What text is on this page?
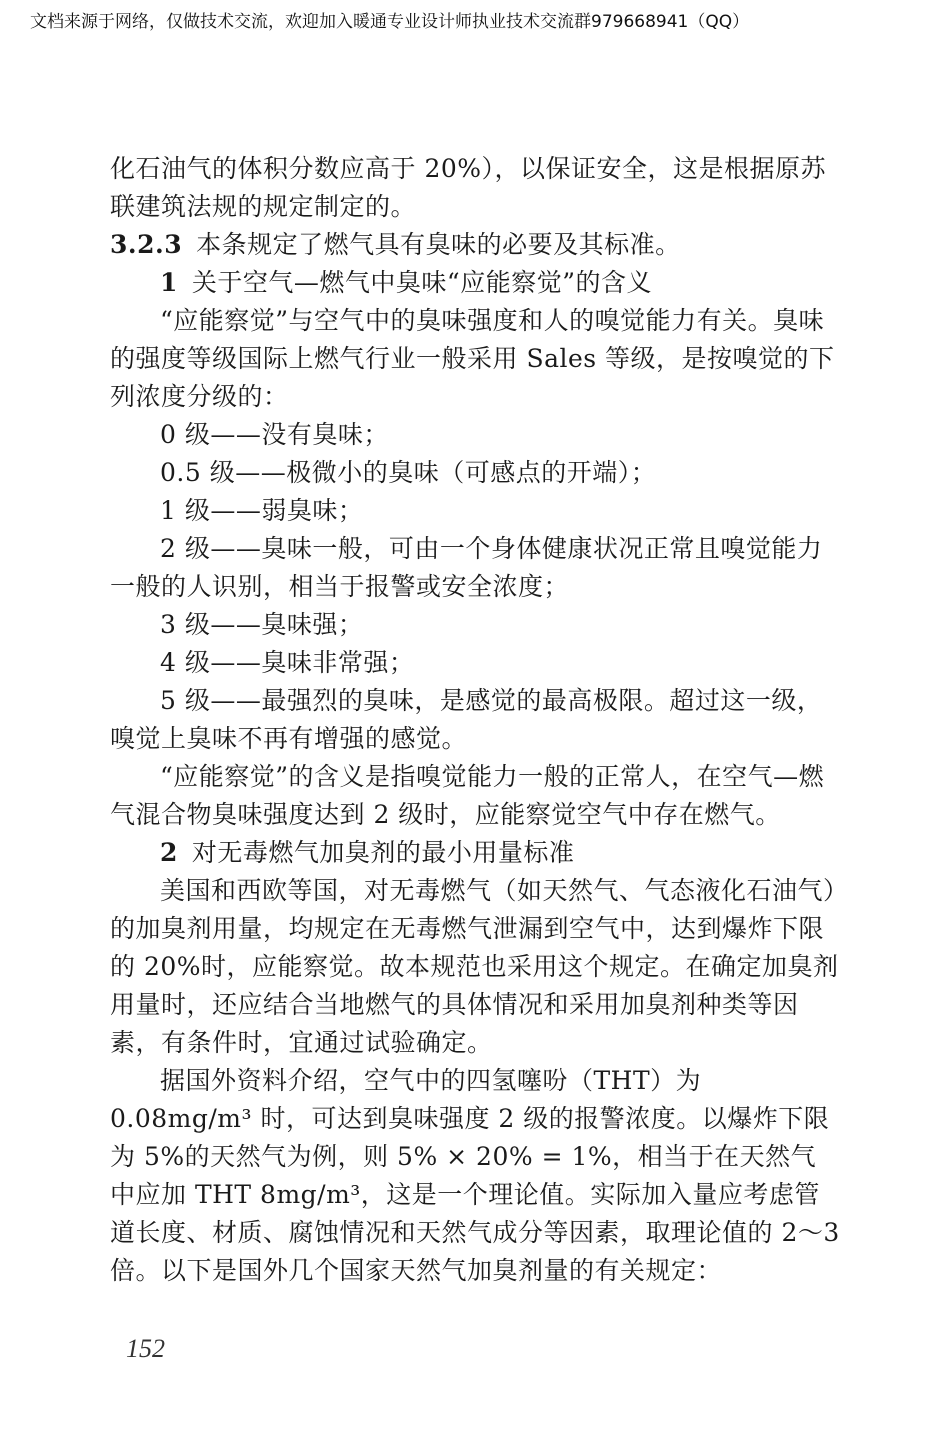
文档来源于网络，仅做技术交流，欢迎加入暖通专业设计师执业技术交流群979668941（QQ）

化石油气的体积分数应高于 20%），以保证安全，这是根据原苏联建筑法规的规定制定的。

3.2.3 本条规定了燃气具有臭味的必要及其标准。

1 关于空气—燃气中臭味“应能察觉”的含义

“应能察觉”与空气中的臭味强度和人的嗅觉能力有关。臭味的强度等级国际上燃气行业一般采用 Sales 等级，是按嗅觉的下列浓度分级的：

0 级——没有臭味；

0.5 级——极微小的臭味（可感点的开端）；

1 级——弱臭味；

2 级——臭味一般，可由一个身体健康状况正常且嗅觉能力一般的人识别，相当于报警或安全浓度；

3 级——臭味强；

4 级——臭味非常强；

5 级——最强烈的臭味，是感觉的最高极限。超过这一级，嗅觉上臭味不再有增强的感觉。

“应能察觉”的含义是指嗅觉能力一般的正常人，在空气—燃气混合物臭味强度达到 2 级时，应能察觉空气中存在燃气。

2 对无毒燃气加臭剂的最小用量标准

美国和西欧等国，对无毒燃气（如天然气、气态液化石油气）的加臭剂用量，均规定在无毒燃气泄漏到空气中，达到爆炸下限的 20%时，应能察觉。故本规范也采用这个规定。在确定加臭剂用量时，还应结合当地燃气的具体情况和采用加臭剂种类等因素，有条件时，宜通过试验确定。

据国外资料介绍，空气中的四氢噻吩（THT）为 0.08mg/m³ 时，可达到臭味强度 2 级的报警浓度。以爆炸下限为 5%的天然气为例，则 5% × 20% = 1%，相当于在天然气中应加 THT 8mg/m³，这是一个理论值。实际加入量应考虑管道长度、材质、腐蚀情况和天然气成分等因素，取理论值的 2～3 倍。以下是国外几个国家天然气加臭剂量的有关规定：

152
